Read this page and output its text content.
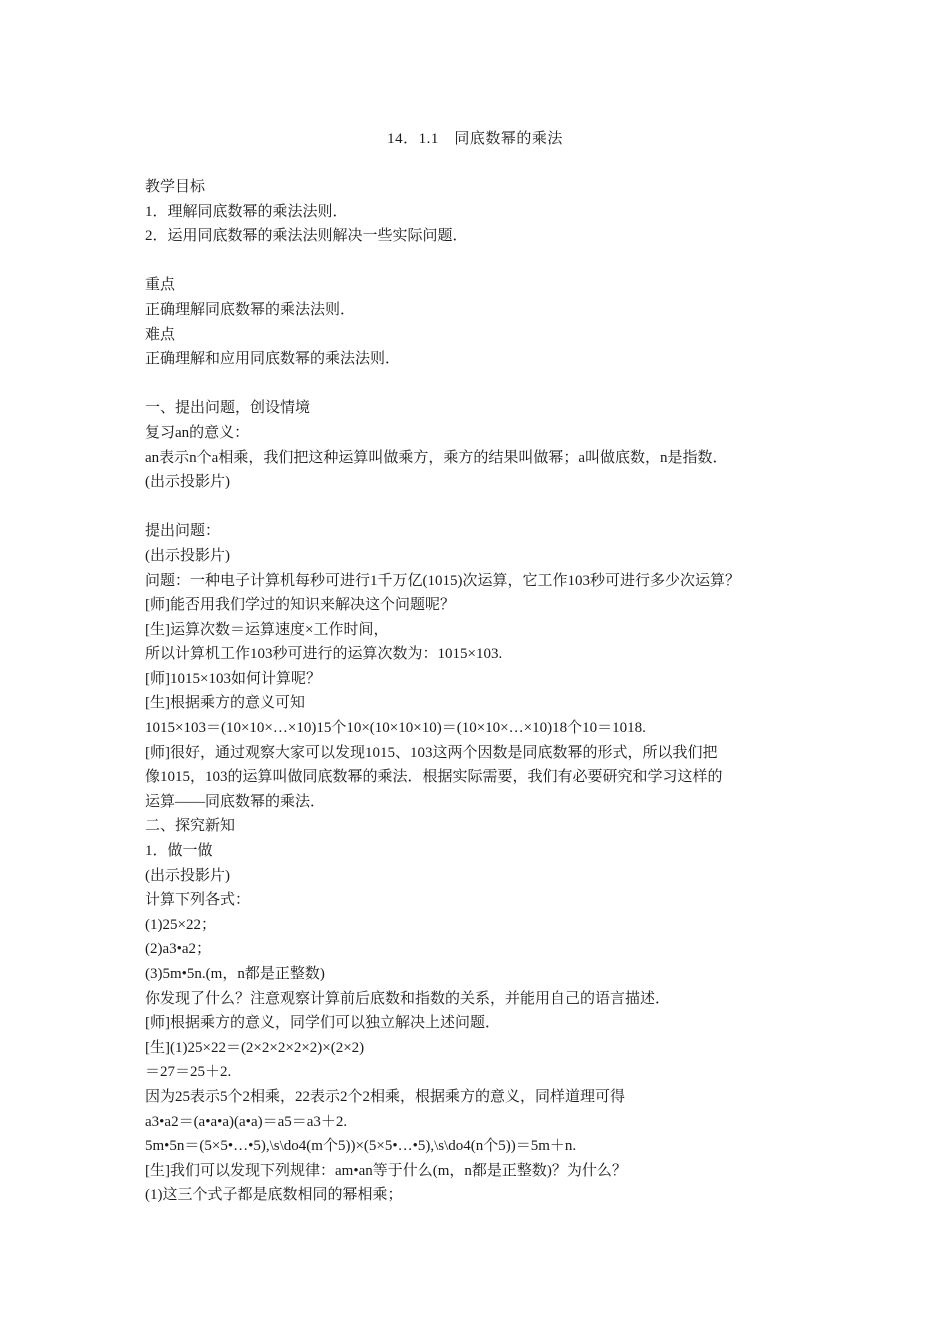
14．1.1　同底数幂的乘法
教学目标
1．理解同底数幂的乘法法则．
2．运用同底数幂的乘法法则解决一些实际问题．
重点
正确理解同底数幂的乘法法则．
难点
正确理解和应用同底数幂的乘法法则．
一、提出问题，创设情境
复习an的意义：
an表示n个a相乘，我们把这种运算叫做乘方，乘方的结果叫做幂；a叫做底数，n是指数．
(出示投影片)
提出问题：
(出示投影片)
问题：一种电子计算机每秒可进行1千万亿(1015)次运算，它工作103秒可进行多少次运算？
[师]能否用我们学过的知识来解决这个问题呢？
[生]运算次数＝运算速度×工作时间，
所以计算机工作103秒可进行的运算次数为：1015×103.
[师]1015×103如何计算呢？
[生]根据乘方的意义可知
1015×103＝(10×10×…×10)15个10×(10×10×10)＝(10×10×…×10)18个10＝1018.
[师]很好，通过观察大家可以发现1015、103这两个因数是同底数幂的形式，所以我们把
像1015，103的运算叫做同底数幂的乘法．根据实际需要，我们有必要研究和学习这样的
运算——同底数幂的乘法．
二、探究新知
1．做一做
(出示投影片)
计算下列各式：
(1)25×22；
(2)a3•a2；
(3)5m•5n.(m，n都是正整数)
你发现了什么？注意观察计算前后底数和指数的关系，并能用自己的语言描述．
[师]根据乘方的意义，同学们可以独立解决上述问题．
[生](1)25×22＝(2×2×2×2×2)×(2×2)
＝27＝25＋2.
因为25表示5个2相乘，22表示2个2相乘，根据乘方的意义，同样道理可得
a3•a2＝(a•a•a)(a•a)＝a5＝a3＋2.
5m•5n＝(5×5•…•5),\s\do4(m个5))×(5×5•…•5),\s\do4(n个5))＝5m＋n.
[生]我们可以发现下列规律：am•an等于什么(m，n都是正整数)？为什么？
(1)这三个式子都是底数相同的幂相乘；
